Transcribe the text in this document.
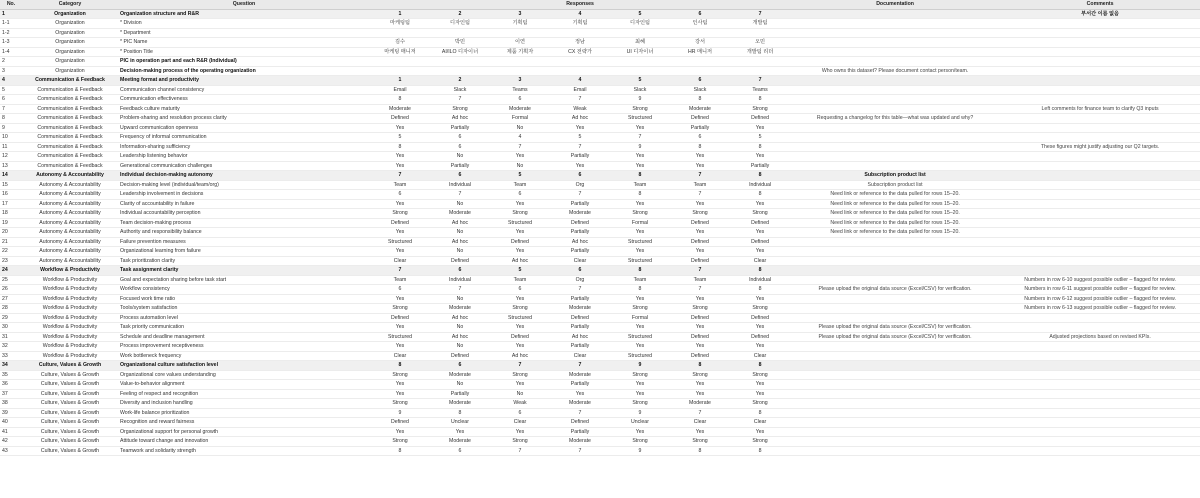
No.	Category	Question	Responses							Documentation	Comments
1	Organization	Organization structure and R&R	1	2	3	4	5	6	7		부서간 이름 없음
1-1	Organization	* Division	마케팅팀	디자인팀	기획팀	기획팀	디자인팀	인사팀	개발팀		
1-2	Organization	* Department									
1-3	Organization	* PIC Name	김수	박민	이연	정남	최혜	강서	오민		
1-4	Organization	* Position Title	마케팅 매니저	AI/ILO 디자이너	제품 기획자	CX 전략가	UI 디자이너	HR 매니저	개발팀 리더		
2	Organization	PIC in operation part and each R&R (Individual)									
3	Organization	Decision-making process of the operating organization								Who owns this dataset? Please document contact person/team.	
4	Communication & Feedback	Meeting format and productivity	1	2	3	4	5	6	7		
5	Communication & Feedback	Communication channel consistency	Email	Slack	Teams	Email	Slack	Slack	Teams		
6	Communication & Feedback	Communication effectiveness	8	7	6	7	9	8	8		
7	Communication & Feedback	Feedback culture maturity	Moderate	Strong	Moderate	Weak	Strong	Moderate	Strong		Left comments for finance team to clarify Q3 inputs
8	Communication & Feedback	Problem-sharing and resolution process clarity	Defined	Ad hoc	Formal	Ad hoc	Structured	Defined	Defined	Requesting a changelog for this table—what was updated and why?	
9	Communication & Feedback	Upward communication openness	Yes	Partially	No	Yes	Yes	Partially	Yes		
10	Communication & Feedback	Frequency of informal communication	5	6	4	5	7	6	5		
11	Communication & Feedback	Information-sharing sufficiency	8	6	7	7	9	8	8		These figures might justify adjusting our Q2 targets.
12	Communication & Feedback	Leadership listening behavior	Yes	No	Yes	Partially	Yes	Yes	Yes		
13	Communication & Feedback	Generational communication challenges	Yes	Partially	No	Yes	Yes	Yes	Partially		
14	Autonomy & Accountability	Individual decision-making autonomy	7	6	5	6	8	7	8	Subscription product list	
15	Autonomy & Accountability	Decision-making level (individual/team/org)	Team	Individual	Team	Org	Team	Team	Individual	Subscription product list	
16	Autonomy & Accountability	Leadership involvement in decisions	6	7	6	7	8	7	8	Need link or reference to the data pulled for rows 15–20.	
17	Autonomy & Accountability	Clarity of accountability in failure	Yes	No	Yes	Partially	Yes	Yes	Yes	Need link or reference to the data pulled for rows 15–20.	
18	Autonomy & Accountability	Individual accountability perception	Strong	Moderate	Strong	Moderate	Strong	Strong	Strong	Need link or reference to the data pulled for rows 15–20.	
19	Autonomy & Accountability	Team decision-making process	Defined	Ad hoc	Structured	Defined	Formal	Defined	Defined	Need link or reference to the data pulled for rows 15–20.	
20	Autonomy & Accountability	Authority and responsibility balance	Yes	No	Yes	Partially	Yes	Yes	Yes	Need link or reference to the data pulled for rows 15–20.	
21	Autonomy & Accountability	Failure prevention measures	Structured	Ad hoc	Defined	Ad hoc	Structured	Defined	Defined		
22	Autonomy & Accountability	Organizational learning from failure	Yes	No	Yes	Partially	Yes	Yes	Yes		
23	Autonomy & Accountability	Task prioritization clarity	Clear	Defined	Ad hoc	Clear	Structured	Defined	Clear		
24	Workflow & Productivity	Task assignment clarity	7	6	5	6	8	7	8		
25	Workflow & Productivity	Goal and expectation sharing before task start	Team	Individual	Team	Org	Team	Team	Individual		Numbers in row 6-10 suggest possible outlier – flagged for review.
26	Workflow & Productivity	Workflow consistency	6	7	6	7	8	7	8	Please upload the original data source (Excel/CSV) for verification.	Numbers in row 6-11 suggest possible outlier – flagged for review.
27	Workflow & Productivity	Focused work time ratio	Yes	No	Yes	Partially	Yes	Yes	Yes		Numbers in row 6-12 suggest possible outlier – flagged for review.
28	Workflow & Productivity	Tools/system satisfaction	Strong	Moderate	Strong	Moderate	Strong	Strong	Strong		Numbers in row 6-13 suggest possible outlier – flagged for review.
29	Workflow & Productivity	Process automation level	Defined	Ad hoc	Structured	Defined	Formal	Defined	Defined		
30	Workflow & Productivity	Task priority communication	Yes	No	Yes	Partially	Yes	Yes	Yes	Please upload the original data source (Excel/CSV) for verification.	
31	Workflow & Productivity	Schedule and deadline management	Structured	Ad hoc	Defined	Ad hoc	Structured	Defined	Defined	Please upload the original data source (Excel/CSV) for verification.	Adjusted projections based on revised KPIs.
32	Workflow & Productivity	Process improvement receptiveness	Yes	No	Yes	Partially	Yes	Yes	Yes		
33	Workflow & Productivity	Work bottleneck frequency	Clear	Defined	Ad hoc	Clear	Structured	Defined	Clear		
34	Culture, Values & Growth	Organizational culture satisfaction level	8	6	7	7	9	8	8		
35	Culture, Values & Growth	Organizational core values understanding	Strong	Moderate	Strong	Moderate	Strong	Strong	Strong		
36	Culture, Values & Growth	Value-to-behavior alignment	Yes	No	Yes	Partially	Yes	Yes	Yes		
37	Culture, Values & Growth	Feeling of respect and recognition	Yes	Partially	No	Yes	Yes	Yes	Yes		
38	Culture, Values & Growth	Diversity and inclusion handling	Strong	Moderate	Weak	Moderate	Strong	Moderate	Strong		
39	Culture, Values & Growth	Work-life balance prioritization	9	8	6	7	9	7	8		
40	Culture, Values & Growth	Recognition and reward fairness	Defined	Unclear	Clear	Defined	Unclear	Clear	Clear		
41	Culture, Values & Growth	Organizational support for personal growth	Yes	Yes	Yes	Partially	Yes	Yes	Yes		
42	Culture, Values & Growth	Attitude toward change and innovation	Strong	Moderate	Strong	Moderate	Strong	Strong	Strong		
43	Culture, Values & Growth	Teamwork and solidarity strength	8	6	7	7	9	8	8		
